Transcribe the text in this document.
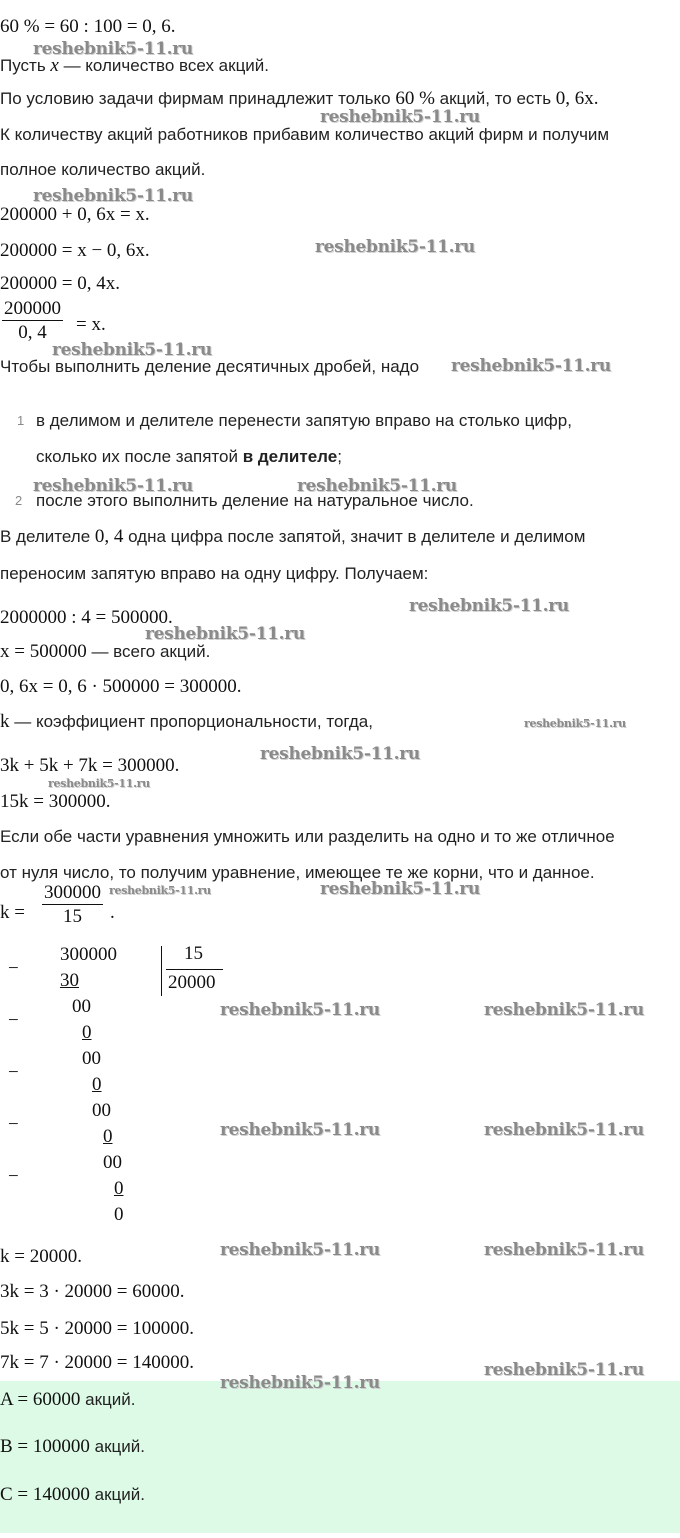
60 % = 60 : 100 = 0, 6.
Пусть x — количество всех акций.
По условию задачи фирмам принадлежит только 60 % акций, то есть 0, 6x.
К количеству акций работников прибавим количество акций фирм и получим
полное количество акций.
200000 + 0, 6x = x.
200000 = x − 0, 6x.
200000 = 0, 4x.
200000
0, 4	= x.
Чтобы выполнить деление десятичных дробей, надо
1 в делимом и делителе перенести запятую вправо на столько цифр,
сколько их после запятой в делителе;
2 после этого выполнить деление на натуральное число.
В делителе 0, 4 одна цифра после запятой, значит в делителе и делимом
переносим запятую вправо на одну цифру. Получаем:
2000000 : 4 = 500000.
x = 500000 — всего акций.
0, 6x = 0, 6 · 500000 = 300000.
k — коэффициент пропорциональности, тогда,
3k + 5k + 7k = 300000.
15k = 300000.
Если обе части уравнения умножить или разделить на одно и то же отличное
от нуля число, то получим уравнение, имеющее те же корни, что и данное.
k =
300000
15	.
300000	15
20000
−
30
00
−
0
00
−
0
00
−
0
00
−
0
0
k = 20000.
3k = 3 · 20000 = 60000.
5k = 5 · 20000 = 100000.
7k = 7 · 20000 = 140000.
A = 60000 акций.
B = 100000 акций.
C = 140000 акций.
reshebnik5-11.ru
reshebnik5-11.ru
reshebnik5-11.ru
reshebnik5-11.ru
reshebnik5-11.ru
reshebnik5-11.ru
reshebnik5-11.ru	reshebnik5-11.ru
reshebnik5-11.ru
reshebnik5-11.ru
reshebnik5-11.ru
reshebnik5-11.ru
reshebnik5-11.ru
reshebnik5-11.ru	reshebnik5-11.ru
reshebnik5-11.ru	reshebnik5-11.ru
reshebnik5-11.ru	reshebnik5-11.ru
reshebnik5-11.ru	reshebnik5-11.ru
reshebnik5-11.ru
reshebnik5-11.ru
